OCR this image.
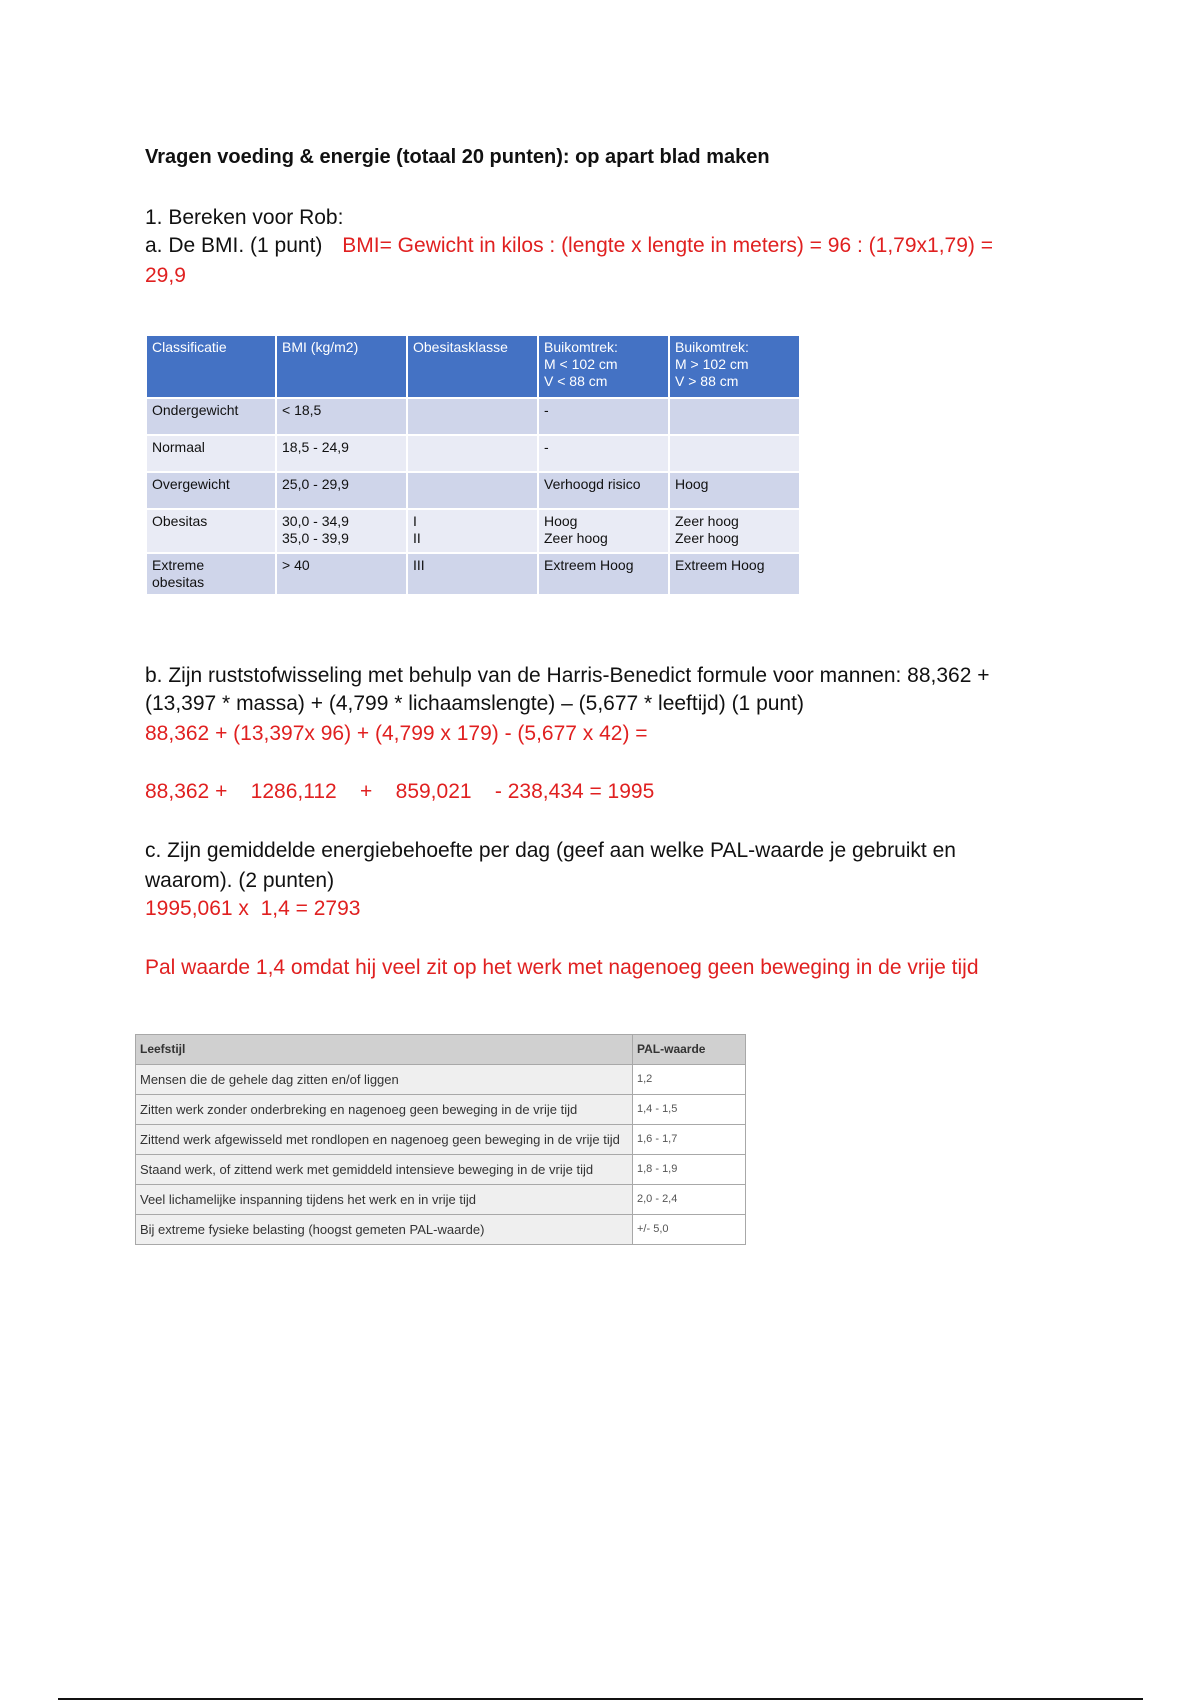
Vragen voeding & energie (totaal 20 punten): op apart blad maken
1. Bereken voor Rob:
a. De BMI. (1 punt) BMI= Gewicht in kilos : (lengte x lengte in meters) = 96 : (1,79x1,79) =
29,9
b. Zijn ruststofwisseling met behulp van de Harris-Benedict formule voor mannen: 88,362 +
(13,397 * massa) + (4,799 * lichaamslengte) – (5,677 * leeftijd) (1 punt)
88,362 + (13,397x 96) + (4,799 x 179) - (5,677 x 42) =
88,362 +    1286,112    +    859,021    - 238,434 = 1995
c. Zijn gemiddelde energiebehoefte per dag (geef aan welke PAL-waarde je gebruikt en
waarom). (2 punten)
1995,061 x  1,4 = 2793
Pal waarde 1,4 omdat hij veel zit op het werk met nagenoeg geen beweging in de vrije tijd
Classificatie	BMI (kg/m2)	Obesitasklasse	Buikomtrek:
M < 102 cm
V < 88 cm	Buikomtrek:
M > 102 cm
V > 88 cm
Ondergewicht	< 18,5		-	
Normaal	18,5 - 24,9		-	
Overgewicht	25,0 - 29,9		Verhoogd risico	Hoog
Obesitas	30,0 - 34,9
35,0 - 39,9	I
II	Hoog
Zeer hoog	Zeer hoog
Zeer hoog
Extreme
obesitas	> 40	III	Extreem Hoog	Extreem Hoog
Leefstijl	PAL-waarde
Mensen die de gehele dag zitten en/of liggen	1,2
Zitten werk zonder onderbreking en nagenoeg geen beweging in de vrije tijd	1,4 - 1,5
Zittend werk afgewisseld met rondlopen en nagenoeg geen beweging in de vrije tijd	1,6 - 1,7
Staand werk, of zittend werk met gemiddeld intensieve beweging in de vrije tijd	1,8 - 1,9
Veel lichamelijke inspanning tijdens het werk en in vrije tijd	2,0 - 2,4
Bij extreme fysieke belasting (hoogst gemeten PAL-waarde)	+/- 5,0
